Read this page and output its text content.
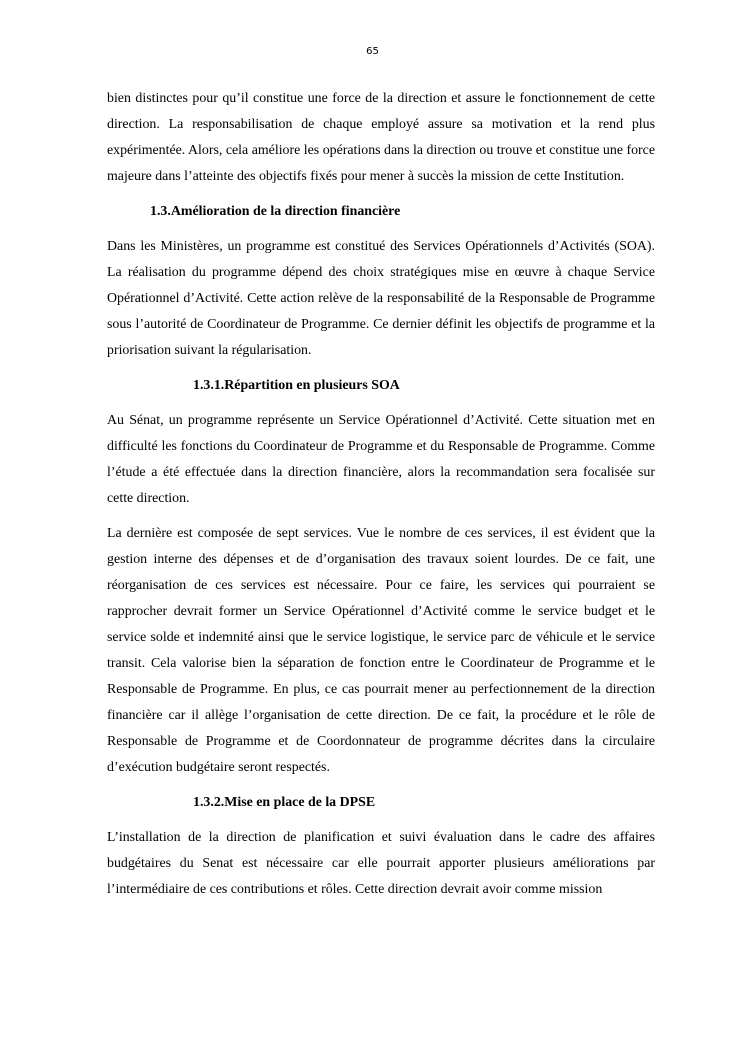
65

bien distinctes pour qu’il constitue une force de la direction et assure le fonctionnement de cette direction. La responsabilisation de chaque employé assure sa motivation et la rend plus expérimentée. Alors, cela améliore les opérations dans la direction ou trouve et constitue une force majeure dans l’atteinte des objectifs fixés pour mener à succès la mission de cette Institution.

1.3.Amélioration de la direction financière

Dans les Ministères, un programme est constitué des Services Opérationnels d’Activités (SOA). La réalisation du programme dépend des choix stratégiques mise en œuvre à chaque Service Opérationnel d’Activité. Cette action relève de la responsabilité de la Responsable de Programme sous l’autorité de Coordinateur de Programme. Ce dernier définit les objectifs de programme et la priorisation suivant la régularisation.

1.3.1.Répartition en plusieurs SOA

Au Sénat, un programme représente un Service Opérationnel d’Activité. Cette situation met en difficulté les fonctions du Coordinateur de Programme et du Responsable de Programme. Comme l’étude a été effectuée dans la direction financière, alors la recommandation sera focalisée sur cette direction.

La dernière est composée de sept services. Vue le nombre de ces services, il est évident que la gestion interne des dépenses et de d’organisation des travaux soient lourdes. De ce fait, une réorganisation de ces services est nécessaire. Pour ce faire, les services qui pourraient se rapprocher devrait former un Service Opérationnel d’Activité comme le service budget et le service solde et indemnité ainsi que le service logistique, le service parc de véhicule et le service transit. Cela valorise bien la séparation de fonction entre le Coordinateur de Programme et le Responsable de Programme. En plus, ce cas pourrait mener au perfectionnement de la direction financière car il allège l’organisation de cette direction. De ce fait, la procédure et le rôle de Responsable de Programme et de Coordonnateur de programme décrites dans la circulaire d’exécution budgétaire seront respectés.

1.3.2.Mise en place de la DPSE

L’installation de la direction de planification et suivi évaluation dans le cadre des affaires budgétaires du Senat est nécessaire car elle pourrait apporter plusieurs améliorations par l’intermédiaire de ces contributions et rôles. Cette direction devrait avoir comme mission
